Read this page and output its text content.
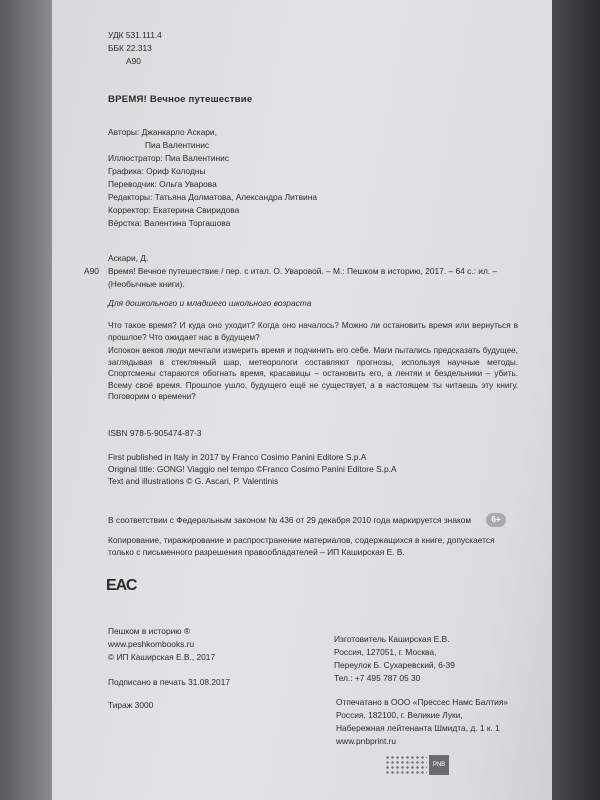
УДК 531.111.4
ББК 22.313
А90
ВРЕМЯ! Вечное путешествие
Авторы: Джанкарло Аскари,
Пиа Валентинис
Иллюстратор: Пиа Валентинис
Графика: Ориф Колодны
Переводчик: Ольга Уварова
Редакторы: Татьяна Долматова, Александра Литвина
Корректор: Екатерина Свиридова
Вёрстка: Валентина Торгашова
Аскари, Д.
А90 Время! Вечное путешествие / пер. с итал. О. Уваровой. – М.: Пешком в историю, 2017. – 64 с.: ил. –
(Необычные книги).
Для дошкольного и младшего школьного возраста
Что такое время? И куда оно уходит? Когда оно началось? Можно ли остановить время или вернуться в прошлое? Что ожидает нас в будущем?
Испокон веков люди мечтали измерить время и подчинить его себе. Маги пытались предсказать будущее, заглядывая в стеклянный шар, метеорологи составляют прогнозы, используя научные методы. Спортсмены стараются обогнать время, красавицы – остановить его, а лентяи и бездельники – убить. Всему своё время. Прошлое ушло, будущего ещё не существует, а в настоящем ты читаешь эту книгу. Поговорим о времени?
ISBN 978-5-905474-87-3
First published in Italy in 2017 by Franco Cosimo Panini Editore S.p.A
Original title: GONG! Viaggio nel tempo ©Franco Cosimo Panini Editore S.p.A
Text and illustrations © G. Ascari, P. Valentinis
В соответствии с Федеральным законом № 436 от 29 декабря 2010 года маркируется знаком	6+
Копирование, тиражирование и распространение материалов, содержащихся в книге, допускается
только с письменного разрешения правообладателей – ИП Каширская Е. В.
ЕАС
Пешком в историю ®
www.peshkombooks.ru
© ИП Каширская Е.В., 2017
Изготовитель Каширская Е.В.
Россия, 127051, г. Москва,
Переулок Б. Сухаревский, 6-39
Тел.: +7 495 787 05 30
Подписано в печать 31.08.2017
Тираж 3000	Отпечатано в ООО «Прессес Намс Балтия»
Россия, 182100, г. Великие Луки,
Набережная лейтенанта Шмидта, д. 1 к. 1
www.pnbprint.ru
PNB
